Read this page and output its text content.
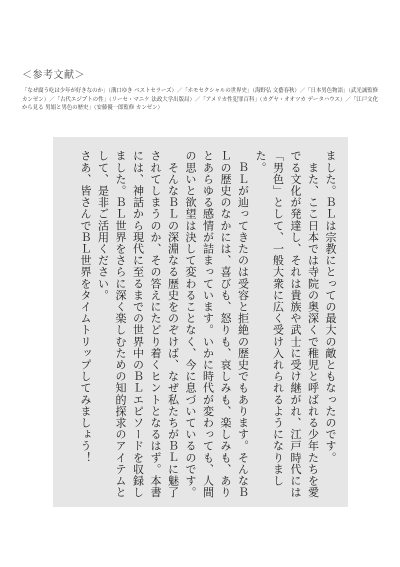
＜参考文献＞
「なぜ腐う吃は少年が好きなのか」（溝口ゆき ベストセラーズ）／「ホモセクシャルの世界史」（海野弘 文藝春秋）／「日本男色物語」（武光誠監修 カンゼン）／「古代エジプトの性」（リーセ・マニケ 法政大学出版局）／「アメリカ性犯罪百科」（カグヤ・オオツカ データハウス）／「江戸文化から見る 男娼と男色の歴史」（安藤優一郎監修 カンゼン）

ました。ＢＬは宗教にとっての最大の敵ともなったのです。

　また、ここ日本では寺院の奥深くで稚児と呼ばれる少年たちを愛でる文化が発達し、それは貴族や武士に受け継がれ、江戸時代には「男色」として、一般大衆に広く受け入れられるようになりました。

　ＢＬが辿ってきたのは受容と拒絶の歴史でもあります。そんなＢＬの歴史のなかには、喜びも、怒りも、哀しみも、楽しみも、ありとあらゆる感情が詰まっています。いかに時代が変わっても、人間の思いと欲望は決して変わることなく、今に息づいているのです。

　そんなＢＬの深淵なる歴史をのぞけば、なぜ私たちがＢＬに魅了されてしまうのか、その答えにたどり着くヒントとなるはず。本書には、神話から現代に至るまでの世界中のＢＬエピソードを収録しました。ＢＬ世界をさらに深く楽しむための知的探求のアイテムとして、是非ご活用ください。

さあ、皆さんでＢＬ世界をタイムトリップしてみましょう！
